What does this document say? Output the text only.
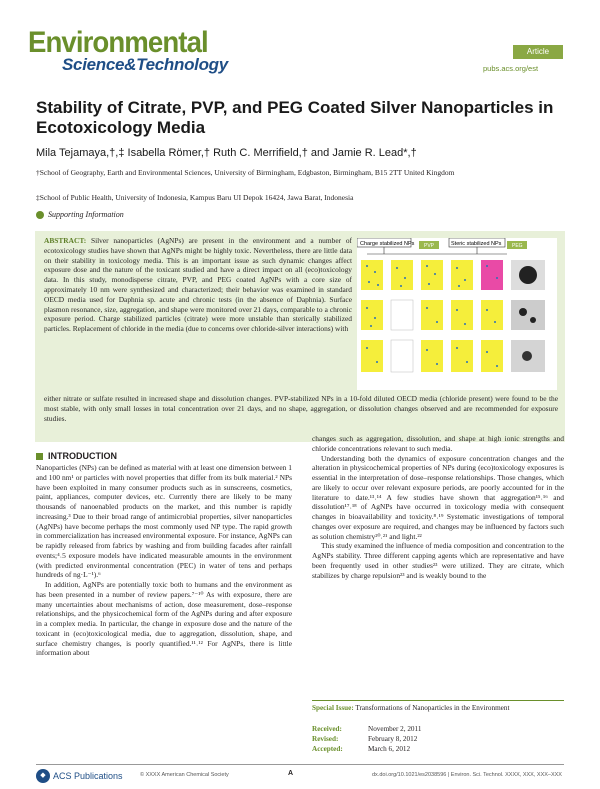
Environmental
Science&Technology
Article
pubs.acs.org/est
Stability of Citrate, PVP, and PEG Coated Silver Nanoparticles in Ecotoxicology Media
Mila Tejamaya,†,‡ Isabella Römer,† Ruth C. Merrifield,† and Jamie R. Lead*,†
†School of Geography, Earth and Environmental Sciences, University of Birmingham, Edgbaston, Birmingham, B15 2TT United Kingdom
‡School of Public Health, University of Indonesia, Kampus Baru UI Depok 16424, Jawa Barat, Indonesia
Supporting Information
ABSTRACT: Silver nanoparticles (AgNPs) are present in the environment and a number of ecotoxicology studies have shown that AgNPs might be highly toxic. Nevertheless, there are little data on their stability in toxicology media. This is an important issue as such dynamic changes affect exposure dose and the nature of the toxicant studied and have a direct impact on all (eco)toxicology data. In this study, monodisperse citrate, PVP, and PEG coated AgNPs with a core size of approximately 10 nm were synthesized and characterized; their behavior was examined in standard OECD media used for Daphnia sp. acute and chronic tests (in the absence of Daphnia). Surface plasmon resonance, size, aggregation, and shape were monitored over 21 days, comparable to a chronic exposure period. Charge stabilized particles (citrate) were more unstable than sterically stabilized particles. Replacement of chloride in the media (due to concerns over chloride-silver interactions) with
either nitrate or sulfate resulted in increased shape and dissolution changes. PVP-stabilized NPs in a 10-fold diluted OECD media (chloride present) were found to be the most stable, with only small losses in total concentration over 21 days, and no shape, aggregation, or dissolution changes observed and are recommended for exposure studies.
Charge stabilized NPs	Steric stabilized NPs
PVP	PEG
INTRODUCTION

Nanoparticles (NPs) can be defined as material with at least one dimension between 1 and 100 nm¹ or particles with novel properties that differ from its bulk material.² NPs have been exploited in many consumer products such as in sunscreens, cosmetics, paint, appliances, computer devices, etc. Currently there are likely to be many thousands of nanoenabled products on the market, and this number is rapidly increasing.³ Due to their broad range of antimicrobial properties, silver nanoparticles (AgNPs) have become perhaps the most commonly used NP type. The rapid growth in commercialization has increased environmental exposure. For instance, AgNPs can be rapidly released from fabrics by washing and from building facades after rainfall events;⁴˒5 exposure models have indicated measurable amounts in the environment (with predicted environmental concentration (PEC) in water of tens and perhaps hundreds of ng·L⁻¹).⁶

In addition, AgNPs are potentially toxic both to humans and the environment as has been presented in a number of review papers.⁷⁻¹⁰ As with exposure, there are many uncertainties about mechanisms of action, dose measurement, dose–response relationships, and the physicochemical form of the AgNPs during and after exposure in a complex media. In particular, the change in exposure dose and the nature of the toxicant in (eco)toxicological media, due to aggregation, dissolution, shape, and surface chemistry changes, is poorly quantified.¹¹˒¹² For AgNPs, there is little information about

changes such as aggregation, dissolution, and shape at high ionic strengths and chloride concentrations relevant to such media.

Understanding both the dynamics of exposure concentration changes and the alteration in physicochemical properties of NPs during (eco)toxicology exposures is essential in the interpretation of dose–response relationships. Those changes, which are likely to occur over relevant exposure periods, are poorly accounted for in the literature to date.¹³˒¹⁴ A few studies have shown that aggregation¹⁵˒¹⁶ and dissolution¹⁷˒¹⁸ of AgNPs have occurred in toxicology media with consequent changes in bioavailability and toxicity.⁸˒¹⁹ Systematic investigations of temporal changes over exposure are required, and changes may be influenced by factors such as solution chemistry²⁰˒²¹ and light.²²

This study examined the influence of media composition and concentration to the AgNPs stability. Three different capping agents which are representative and have been frequently used in other studies²³ were utilized. They are citrate, which stabilizes by charge repulsion²³ and is weakly bound to the

Special Issue: Transformations of Nanoparticles in the Environment
Received:	November 2, 2011
Revised:	February 8, 2012
Accepted:	March 6, 2012
◆ ACS Publications	© XXXX American Chemical Society	A	dx.doi.org/10.1021/es2038596 | Environ. Sci. Technol. XXXX, XXX, XXX–XXX
